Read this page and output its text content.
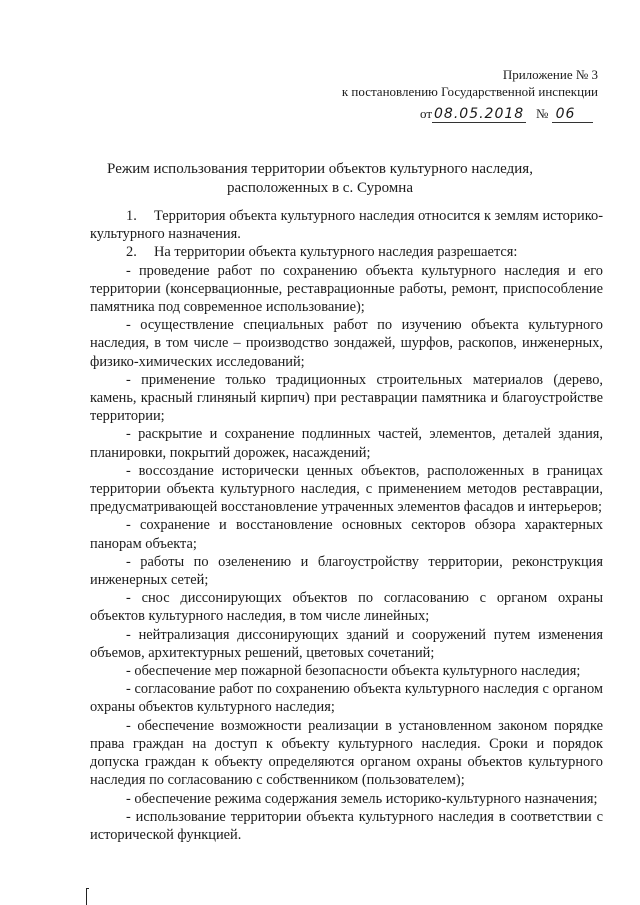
Приложение № 3
к постановлению Государственной инспекции
от 08.05.2018 № 06
Режим использования территории объектов культурного наследия,
расположенных в с. Суромна

1. Территория объекта культурного наследия относится к землям историко-культурного назначения.

2. На территории объекта культурного наследия разрешается:

- проведение работ по сохранению объекта культурного наследия и его территории (консервационные, реставрационные работы, ремонт, приспособление памятника под современное использование);

- осуществление специальных работ по изучению объекта культурного наследия, в том числе – производство зондажей, шурфов, раскопов, инженерных, физико-химических исследований;

- применение только традиционных строительных материалов (дерево, камень, красный глиняный кирпич) при реставрации памятника и благоустройстве территории;

- раскрытие и сохранение подлинных частей, элементов, деталей здания, планировки, покрытий дорожек, насаждений;

- воссоздание исторически ценных объектов, расположенных в границах территории объекта культурного наследия, с применением методов реставрации, предусматривающей восстановление утраченных элементов фасадов и интерьеров;

- сохранение и восстановление основных секторов обзора характерных панорам объекта;

- работы по озеленению и благоустройству территории, реконструкция инженерных сетей;

- снос диссонирующих объектов по согласованию с органом охраны объектов культурного наследия, в том числе линейных;

- нейтрализация диссонирующих зданий и сооружений путем изменения объемов, архитектурных решений, цветовых сочетаний;

- обеспечение мер пожарной безопасности объекта культурного наследия;

- согласование работ по сохранению объекта культурного наследия с органом охраны объектов культурного наследия;

- обеспечение возможности реализации в установленном законом порядке права граждан на доступ к объекту культурного наследия. Сроки и порядок допуска граждан к объекту определяются органом охраны объектов культурного наследия по согласованию с собственником (пользователем);

- обеспечение режима содержания земель историко-культурного назначения;

- использование территории объекта культурного наследия в соответствии с исторической функцией.
